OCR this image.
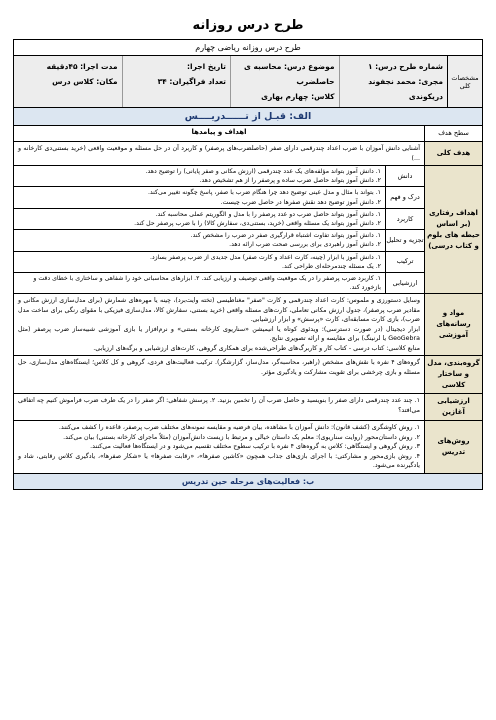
طرح درس روزانه
طرح درس روزانه ریاضی چهارم
مشخصات کلی
شماره طرح درس: ۱
مجری: محمد نجفوند دریکوندی
موضوع درس: محاسبه ی حاصلضرب
کلاس: چهارم بهاری
تاریخ اجرا:
تعداد فراگیران: ۳۴
مدت اجرا: ۴۵دقیقه
مکان: کلاس درس
الف: قبـل از تــــــدریــــس
سطح هدف
اهداف و پیامدها
هدف کلی
آشنایی دانش آموزان با ضرب اعداد چندرقمی دارای صفر (حاصلضرب‌های پرصفر) و کاربرد آن در حل مسئله و موقعیت واقعی (خرید بستنی‌دی کارخانه و ...)
اهداف رفتاری (بر اساس حیطه های بلوم و کتاب درسی)
دانش
۱. دانش آموز بتواند مؤلفه‌های یک عدد چندرقمی (ارزش مکانی و صفر پایانی) را توضیح دهد.
۲. دانش آموز بتواند حاصل ضرب ساده و پرصفر را از هم تشخیص دهد.
درک و فهم
۱. بتواند با مثال و مدل عینی توضیح دهد چرا هنگام ضرب با صفر، پاسخ چگونه تغییر می‌کند.
۲. دانش آموز توضیح دهد نقش صفرها در حاصل ضرب چیست.
کاربرد
۱. دانش آموز بتواند حاصل ضرب دو عدد پرصفر را با مدل و الگوریتم عملی محاسبه کند.
۲. دانش آموز بتواند یک مسئله واقعی (خرید، بستنی‌دی، سفارش کالا) را با ضرب پرصفر حل کند.
تجزیه و تحلیل
۱. دانش آموز بتواند تفاوت اشتباه قرارگیری صفر در ضرب را مشخص کند.
۲. دانش آموز راهبردی برای بررسی صحت ضرب ارائه دهد.
ترکیب
۱. دانش آموز با ابزار (چینه، کارت اعداد و کارت صفر) مدل جدیدی از ضرب پرصفر بسازد.
۲. یک مسئله چندمرحله‌ای طراحی کند.
ارزشیابی
۱. کاربرد ضرب پرصفر را در یک موقعیت واقعی توصیف و ارزیابی کند. ۲. ابزارهای محاسباتی خود را شفاهی و ساختاری با خطای دقت و بازخورد کند.
مواد و رسانه‌های آموزشی
وسایل دستورزی و ملموس: کارت اعداد چندرقمی و کارت "صفر" مغناطیسی (تخته وایت‌برد)، چینه یا مهره‌های شمارش (برای مدل‌سازی ارزش مکانی و مقادیر ضرب پرصفر)، جدول ارزش مکانی تعاملی، کارت‌های مسئله واقعی (خرید بستنی، سفارش کالا، مدل‌سازی فیزیکی با مقوای رنگی برای ساخت مدل ضرب)، بازی کارت مسابقه‌ای، کارت «پرسش» و ابزار ارزشیابی.
ابزار دیجیتال (در صورت دسترسی): ویدئوی کوتاه یا انیمیشن «سناریوی کارخانه بستنی» و نرم‌افزار یا بازی آموزشی شبیه‌ساز ضرب پرصفر (مثل GeoGebra یا لرنینگ) برای مقایسه و ارائه تصویری نتایج.
منابع کلاسی: کتاب درسی - کتاب کار و کاربرگ‌های طراحی‌شده برای همکاری گروهی، کارت‌های ارزشیابی و برگه‌های ارزیابی.
گروه‌بندی، مدل و ساختار کلاسی
گروه‌های ۴ نفره با نقش‌های مشخص (راهبر، محاسبه‌گر، مدل‌ساز، گزارشگر). ترکیب فعالیت‌های فردی، گروهی و کل کلاس؛ ایستگاه‌های مدل‌سازی، حل مسئله و بازی چرخشی برای تقویت مشارکت و یادگیری مؤثر.
ارزشیابی آغازین
۱. چند عدد چندرقمی دارای صفر را بنویسید و حاصل ضرب آن را تخمین بزنید. ۲. پرسش شفاهی: اگر صفر را در یک طرف ضرب فراموش کنیم چه اتفاقی می‌افتد؟
روش‌های تدریس
۱. روش کاوشگری (کشف قانون): دانش آموزان با مشاهده، بیان فرضیه و مقایسه نمونه‌های مختلف ضرب پرصفر، قاعده را کشف می‌کنند.
۲. روش داستان‌محور (روایت سناریوی): معلم یک داستان خیالی و مرتبط با زیست دانش‌آموزان (مثلاً ماجرای کارخانه بستنی) بیان می‌کند.
۳. روش گروهی و ایستگاهی: کلاس به گروه‌های ۴ نفره با ترکیب سطوح مختلف تقسیم می‌شود و در ایستگاه‌ها فعالیت می‌کنند.
۴. روش بازی‌محور و مشارکتی: با اجرای بازی‌های جذاب همچون «کاشین صفرها»، «رقابت صفرها» یا «شکار صفرها»، یادگیری کلاس رقابتی، شاد و یادگیرنده می‌شود.
ب: فعالیت‌های مرحله حین تدریس
